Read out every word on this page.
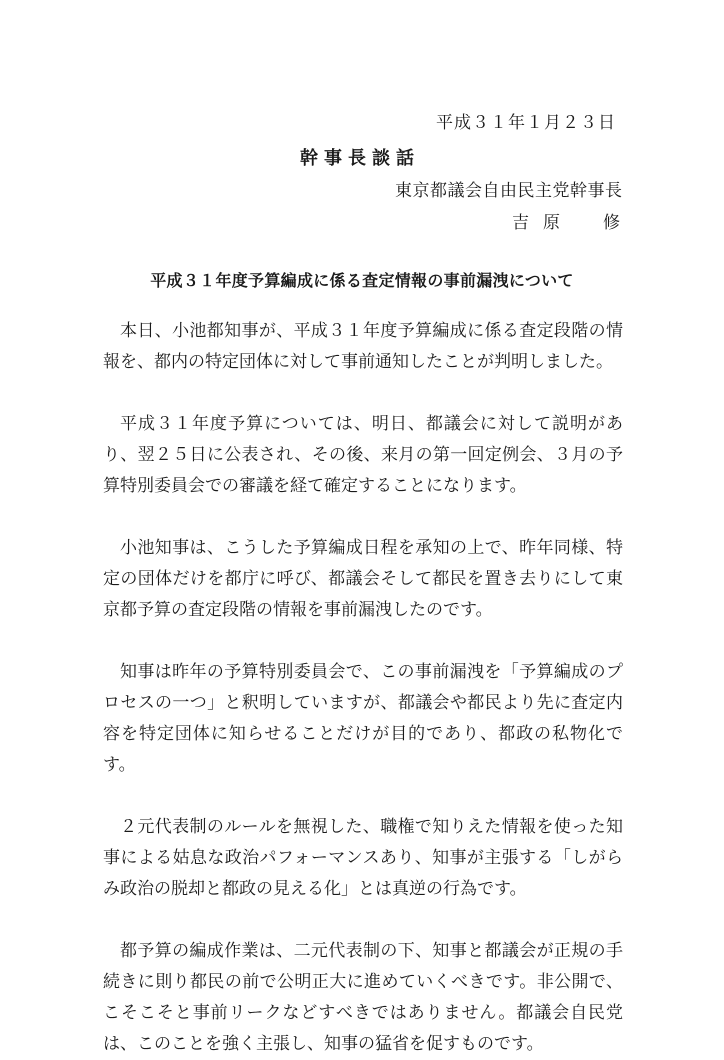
平成３１年１月２３日
幹事長談話
東京都議会自由民主党幹事長
吉原 修
平成３１年度予算編成に係る査定情報の事前漏洩について

本日、小池都知事が、平成３１年度予算編成に係る査定段階の情報を、都内の特定団体に対して事前通知したことが判明しました。

平成３１年度予算については、明日、都議会に対して説明があり、翌２５日に公表され、その後、来月の第一回定例会、３月の予算特別委員会での審議を経て確定することになります。

小池知事は、こうした予算編成日程を承知の上で、昨年同様、特定の団体だけを都庁に呼び、都議会そして都民を置き去りにして東京都予算の査定段階の情報を事前漏洩したのです。

知事は昨年の予算特別委員会で、この事前漏洩を「予算編成のプロセスの一つ」と釈明していますが、都議会や都民より先に査定内容を特定団体に知らせることだけが目的であり、都政の私物化です。

２元代表制のルールを無視した、職権で知りえた情報を使った知事による姑息な政治パフォーマンスあり、知事が主張する「しがらみ政治の脱却と都政の見える化」とは真逆の行為です。

都予算の編成作業は、二元代表制の下、知事と都議会が正規の手続きに則り都民の前で公明正大に進めていくべきです。非公開で、こそこそと事前リークなどすべきではありません。都議会自民党は、このことを強く主張し、知事の猛省を促すものです。
